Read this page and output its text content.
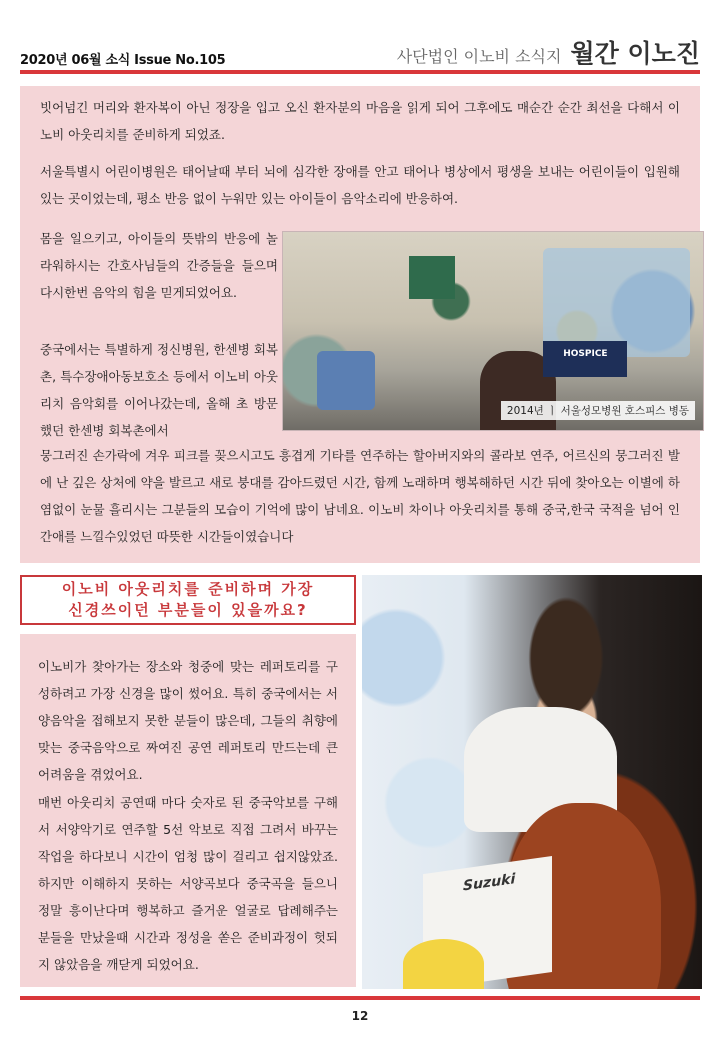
2020년 06월 소식 Issue No.105	사단법인 이노비 소식지 월간 이노진

빗어넘긴 머리와 환자복이 아닌 정장을 입고 오신 환자분의 마음을 읽게 되어 그후에도 매순간 순간 최선을 다해서 이노비 아웃리치를 준비하게 되었죠.

서울특별시 어린이병원은 태어날때 부터 뇌에 심각한 장애를 안고 태어나 병상에서 평생을 보내는 어린이들이 입원해 있는 곳이었는데, 평소 반응 없이 누워만 있는 아이들이 음악소리에 반응하여.

몸을 일으키고, 아이들의 뜻밖의 반응에 놀라워하시는 간호사님들의 간증들을 들으며 다시한번 음악의 힘을 믿게되었어요.

중국에서는 특별하게 정신병원, 한센병 회복촌, 특수장애아동보호소 등에서 이노비 아웃리치 음악회를 이어나갔는데, 올해 초 방문했던 한센병 회복촌에서

뭉그러진 손가락에 겨우 피크를 꽂으시고도 흥겹게 기타를 연주하는 할아버지와의 콜라보 연주, 어르신의 뭉그러진 발에 난 깊은 상처에 약을 발르고 새로 붕대를 감아드렸던 시간, 함께 노래하며 행복해하던 시간 뒤에 찾아오는 이별에 하염없이 눈물 흘리시는 그분들의 모습이 기억에 많이 남네요. 이노비 차이나 아웃리치를 통해 중국,한국 국적을 넘어 인간애를 느낄수있었던 따뜻한 시간들이였습니다

HOSPICE
2014년 ㅣ 서울성모병원 호스피스 병동
이노비 아웃리치를 준비하며 가장
신경쓰이던 부분들이 있을까요?

이노비가 찾아가는 장소와 청중에 맞는 레퍼토리를 구성하려고 가장 신경을 많이 썼어요. 특히 중국에서는 서양음악을 접해보지 못한 분들이 많은데, 그들의 취향에 맞는 중국음악으로 짜여진 공연 레퍼토리 만드는데 큰 어려움을 겪었어요.

매번 아웃리치 공연때 마다 숫자로 된 중국악보를 구해서 서양악기로 연주할 5선 악보로 직접 그려서 바꾸는 작업을 하다보니 시간이 엄청 많이 걸리고 쉽지않았죠. 하지만 이해하지 못하는 서양곡보다 중국곡을 들으니 정말 흥이난다며 행복하고 즐거운 얼굴로 답례해주는 분들을 만났을때 시간과 정성을 쏟은 준비과정이 헛되지 않았음을 깨닫게 되었어요.

Suzuki
12
